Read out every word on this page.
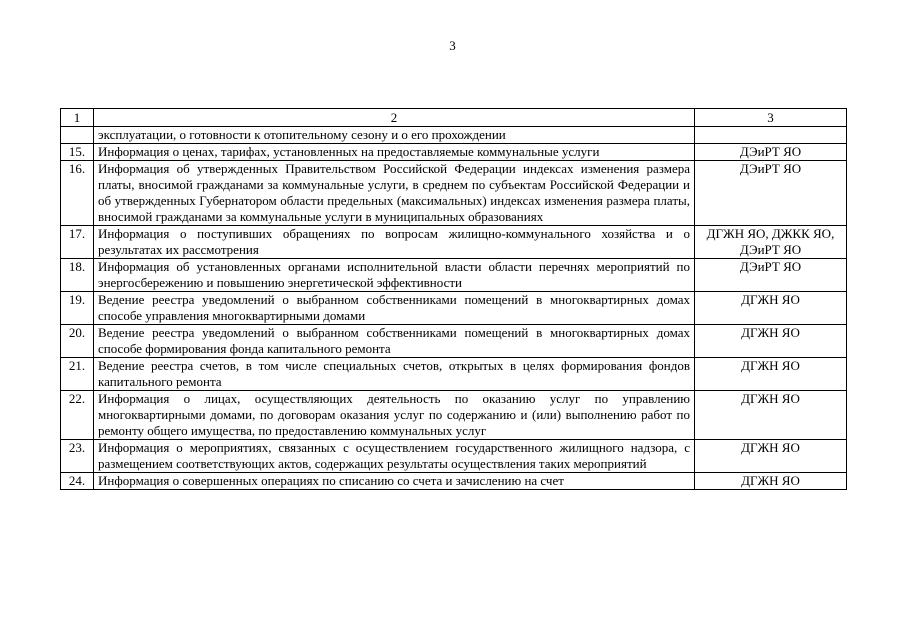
3
1	2	3
	эксплуатации, о готовности к отопительному сезону и о его прохождении	
15.	Информация о ценах, тарифах, установленных на предоставляемые коммунальные услуги	ДЭиРТ ЯО
16.	Информация об утвержденных Правительством Российской Федерации индексах изменения размера платы, вносимой гражданами за коммунальные услуги, в среднем по субъектам Российской Федерации и об утвержденных Губернатором области предельных (максимальных) индексах изменения размера платы, вносимой гражданами за коммунальные услуги в муниципальных образованиях	ДЭиРТ ЯО
17.	Информация о поступивших обращениях по вопросам жилищно-коммунального хозяйства и о результатах их рассмотрения	ДГЖН ЯО, ДЖКК ЯО, ДЭиРТ ЯО
18.	Информация об установленных органами исполнительной власти области перечнях мероприятий по энергосбережению и повышению энергетической эффективности	ДЭиРТ ЯО
19.	Ведение реестра уведомлений о выбранном собственниками помещений в многоквартирных домах способе управления многоквартирными домами	ДГЖН ЯО
20.	Ведение реестра уведомлений о выбранном собственниками помещений в многоквартирных домах способе формирования фонда капитального ремонта	ДГЖН ЯО
21.	Ведение реестра счетов, в том числе специальных счетов, открытых в целях формирования фондов капитального ремонта	ДГЖН ЯО
22.	Информация о лицах, осуществляющих деятельность по оказанию услуг по управлению многоквартирными домами, по договорам оказания услуг по содержанию и (или) выполнению работ по ремонту общего имущества, по предоставлению коммунальных услуг	ДГЖН ЯО
23.	Информация о мероприятиях, связанных с осуществлением государственного жилищного надзора, с размещением соответствующих актов, содержащих результаты осуществления таких мероприятий	ДГЖН ЯО
24.	Информация о совершенных операциях по списанию со счета и зачислению на счет	ДГЖН ЯО
